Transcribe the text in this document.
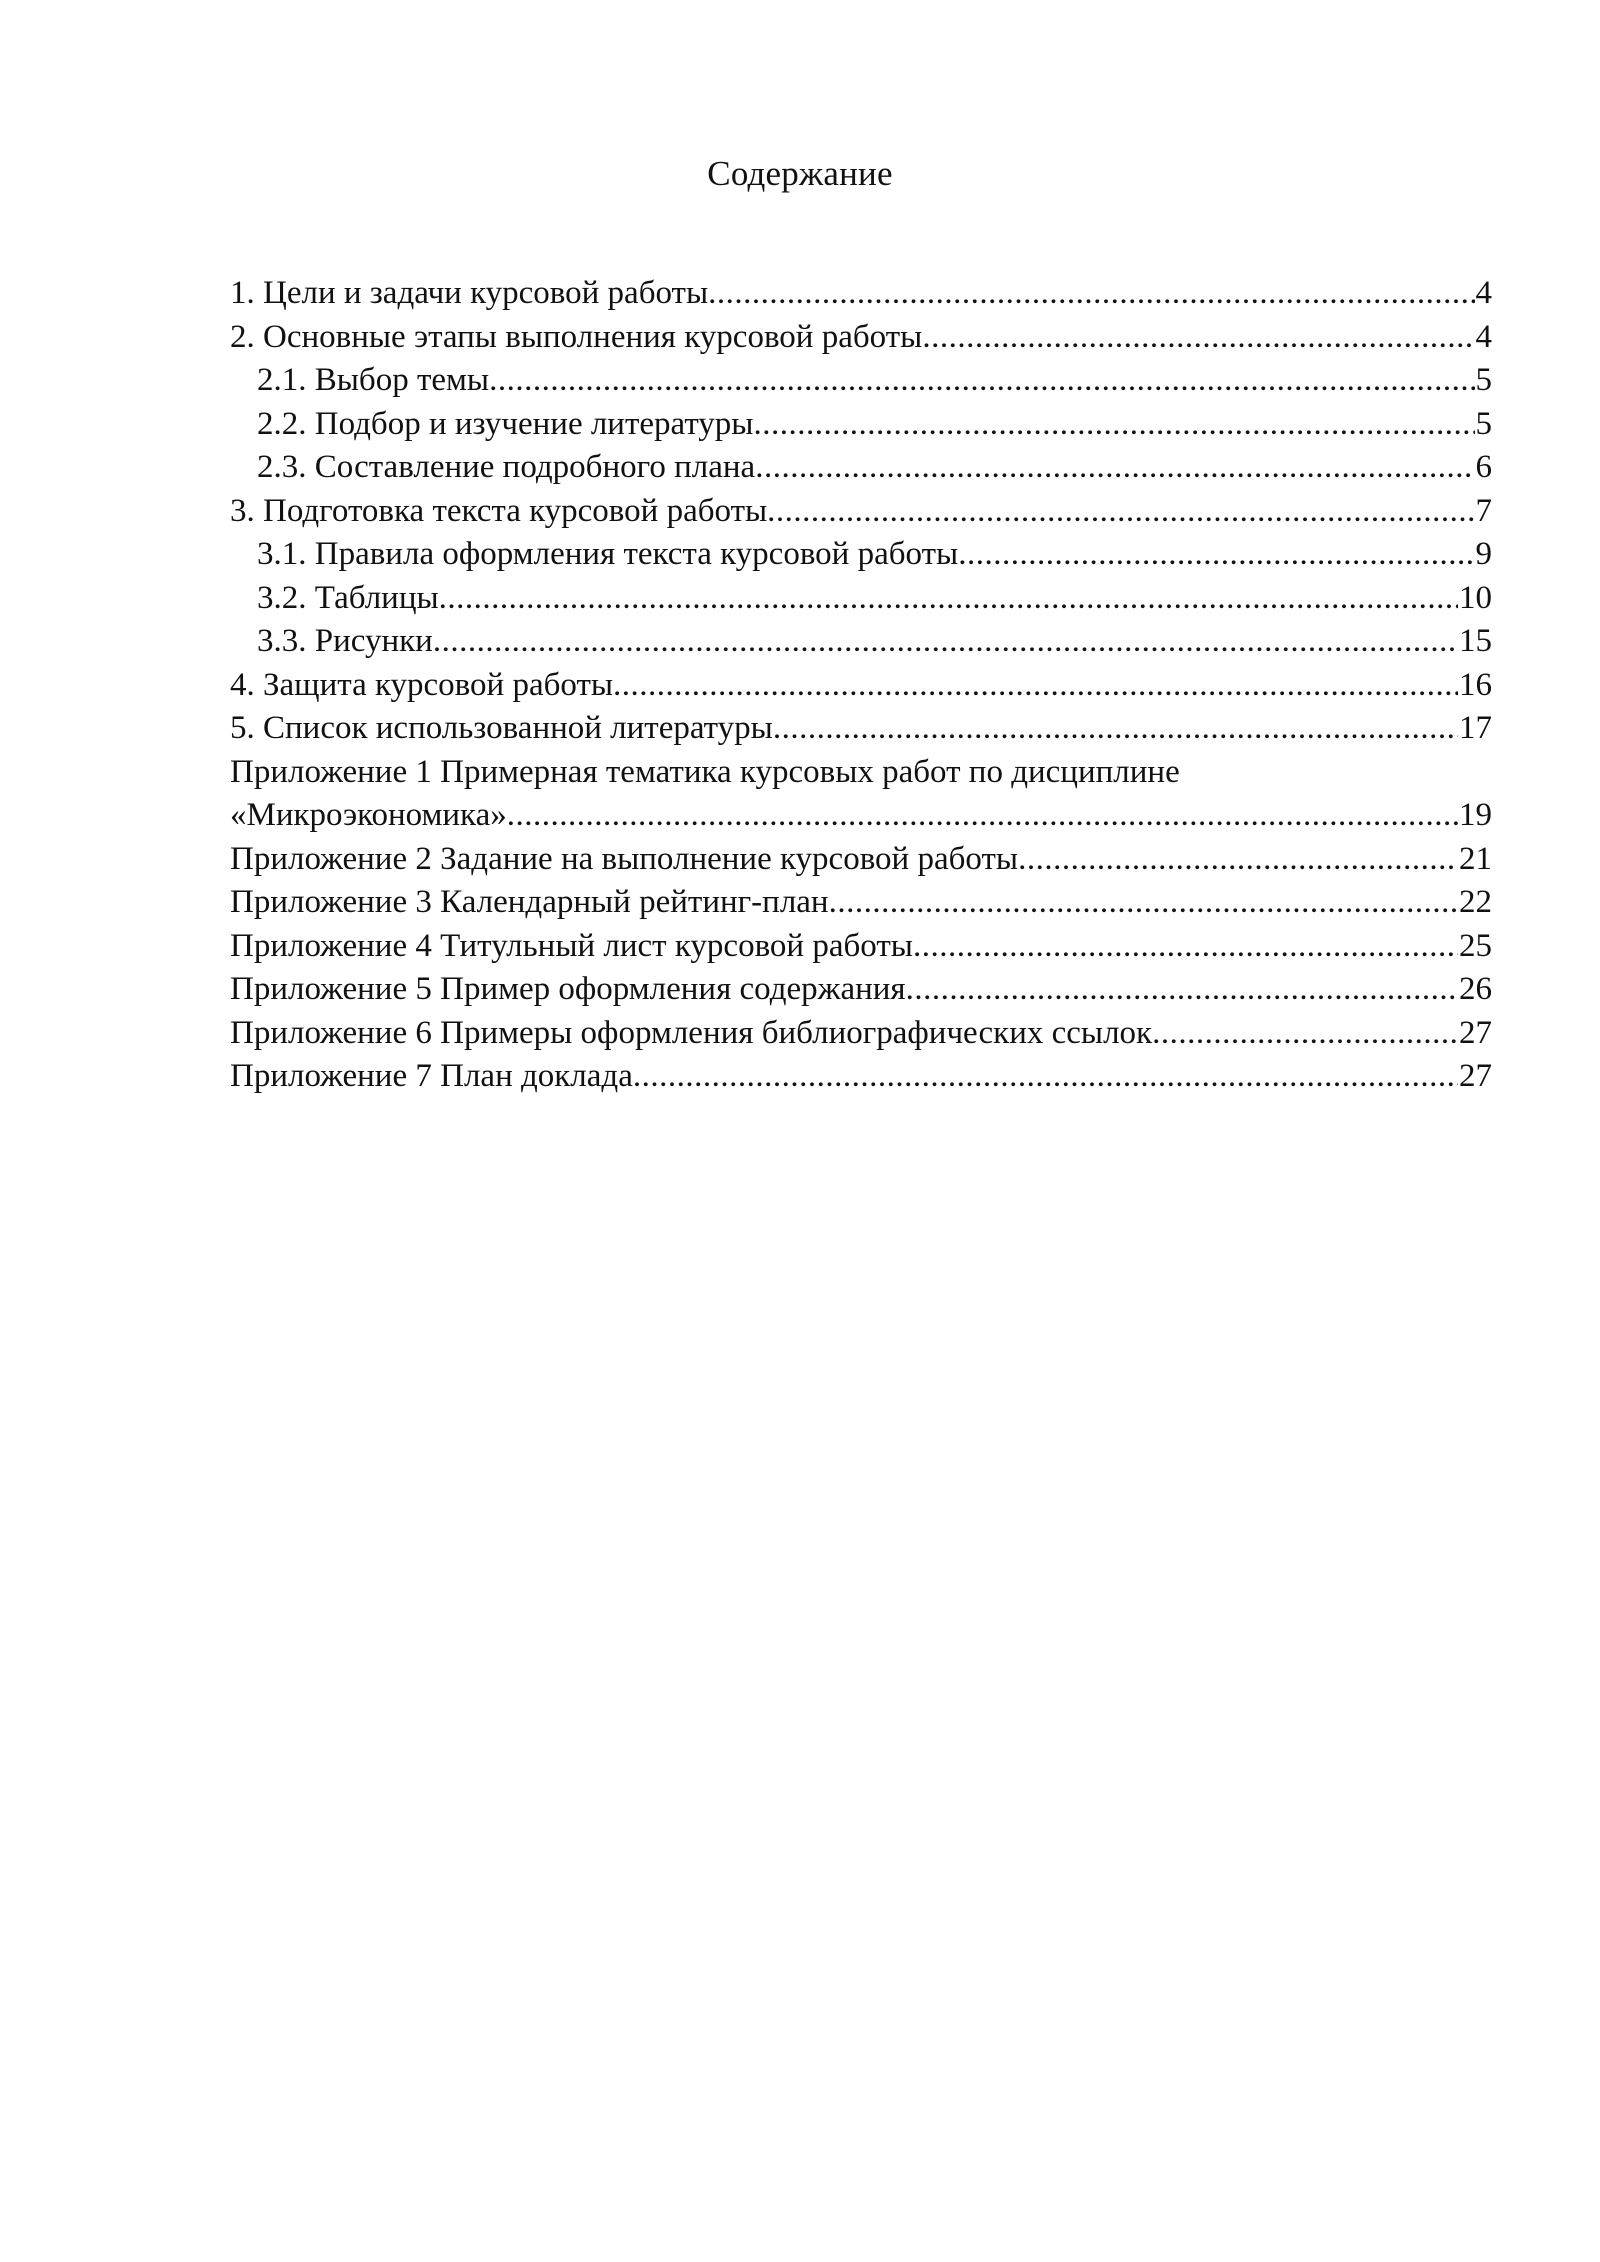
Содержание
1. Цели и задачи курсовой работы .....	4
2. Основные этапы выполнения курсовой работы .....	4
2.1. Выбор темы .....	5
2.2. Подбор и изучение литературы .....	5
2.3. Составление подробного плана .....	6
3. Подготовка текста курсовой работы .....	7
3.1. Правила оформления текста курсовой работы .....	9
3.2. Таблицы .....	10
3.3. Рисунки .....	15
4. Защита курсовой работы .....	16
5. Список использованной литературы .....	17
Приложение 1 Примерная тематика курсовых работ по дисциплине
«Микроэкономика» .....	19
Приложение 2 Задание на выполнение курсовой работы .....	21
Приложение 3 Календарный рейтинг-план .....	22
Приложение 4 Титульный лист курсовой работы .....	25
Приложение 5 Пример оформления содержания .....	26
Приложение 6 Примеры оформления библиографических ссылок .....	27
Приложение 7 План доклада .....	27
